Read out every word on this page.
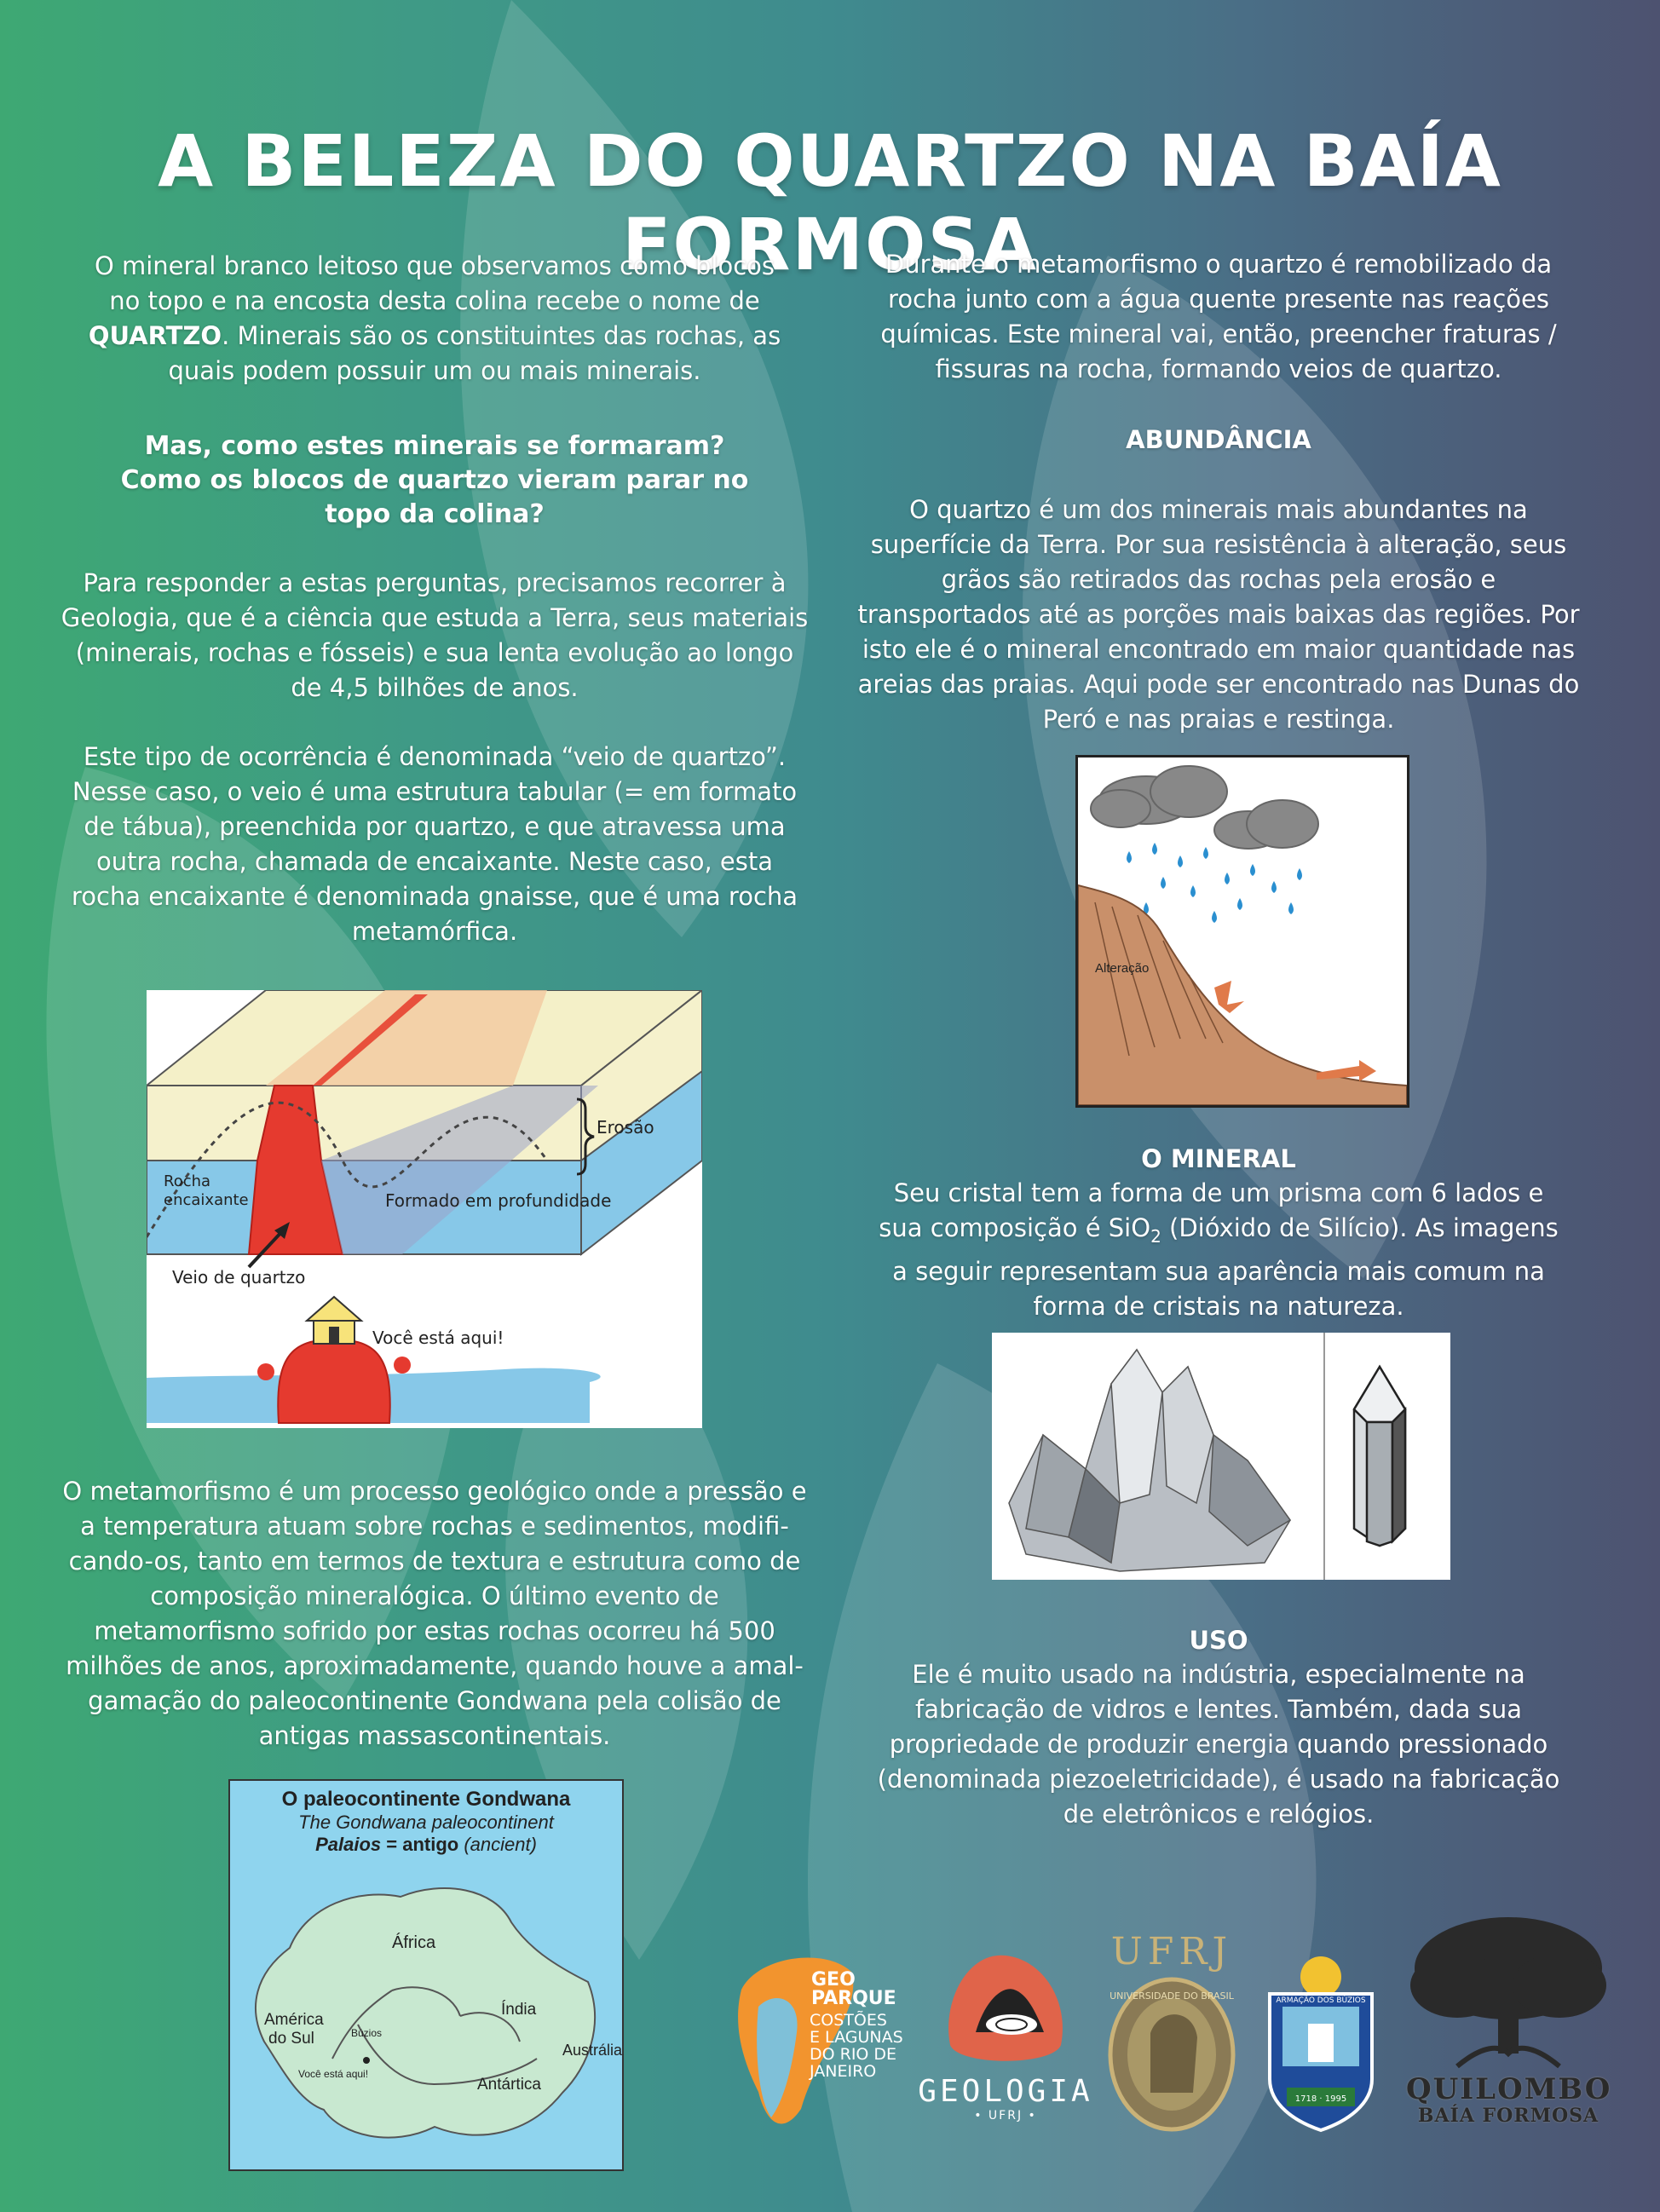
A BELEZA DO QUARTZO NA BAÍA FORMOSA

O mineral branco leitoso que observamos como blocos no topo e na encosta desta colina recebe o nome de QUARTZO. Minerais são os constituintes das rochas, as quais podem possuir um ou mais minerais.

Mas, como estes minerais se formaram?

Como os blocos de quartzo vieram parar no topo da colina?

Para responder a estas perguntas, precisamos recorrer à Geologia, que é a ciência que estuda a Terra, seus materiais (minerais, rochas e fósseis) e sua lenta evolução ao longo de 4,5 bilhões de anos.

Este tipo de ocorrência é denominada “veio de quartzo”. Nesse caso, o veio é uma estrutura tabular (= em formato de tábua), preenchida por quartzo, e que atravessa uma outra rocha, chamada de encaixante. Neste caso, esta rocha encaixante é denominada gnaisse, que é uma rocha metamórfica.

Erosão
Rocha
encaixante	Formado em profundidade
Veio de quartzo
Você está aqui!

O metamorfismo é um processo geológico onde a pressão e a temperatura atuam sobre rochas e sedimentos, modifi-cando-os, tanto em termos de textura e estrutura como de composição mineralógica. O último evento de metamorfismo sofrido por estas rochas ocorreu há 500 milhões de anos, aproximadamente, quando houve a amal-gamação do paleocontinente Gondwana pela colisão de antigas massascontinentais.

O paleocontinente Gondwana
The Gondwana paleocontinent
Palaios = antigo (ancient)
África
América
do Sul	Búzios
Você está aqui!
Índia
Austrália
Antártica

Durante o metamorfismo o quartzo é remobilizado da rocha junto com a água quente presente nas reações químicas. Este mineral vai, então, preencher fraturas / fissuras na rocha, formando veios de quartzo.

ABUNDÂNCIA

O quartzo é um dos minerais mais abundantes na superfície da Terra. Por sua resistência à alteração, seus grãos são retirados das rochas pela erosão e transportados até as porções mais baixas das regiões. Por isto ele é o mineral encontrado em maior quantidade nas areias das praias. Aqui pode ser encontrado nas Dunas do Peró e nas praias e restinga.

Alteração

O MINERAL

Seu cristal tem a forma de um prisma com 6 lados e sua composição é SiO$_2$ (Dióxido de Silício). As imagens a seguir representam sua aparência mais comum na forma de cristais na natureza.

USO

Ele é muito usado na indústria, especialmente na fabricação de vidros e lentes. Também, dada sua propriedade de produzir energia quando pressionado (denominada piezoeletricidade), é usado na fabricação de eletrônicos e relógios.

GEO
PARQUE
COSTÕES
E LAGUNAS
DO RIO DE
JANEIRO
GEOLOGIA
• UFRJ •
UFRJ
UNIVERSIDADE DO BRASIL	ARMAÇÃO DOS BÚZIOS
1718 · 1995 QUILOMBO
BAÍA FORMOSA
